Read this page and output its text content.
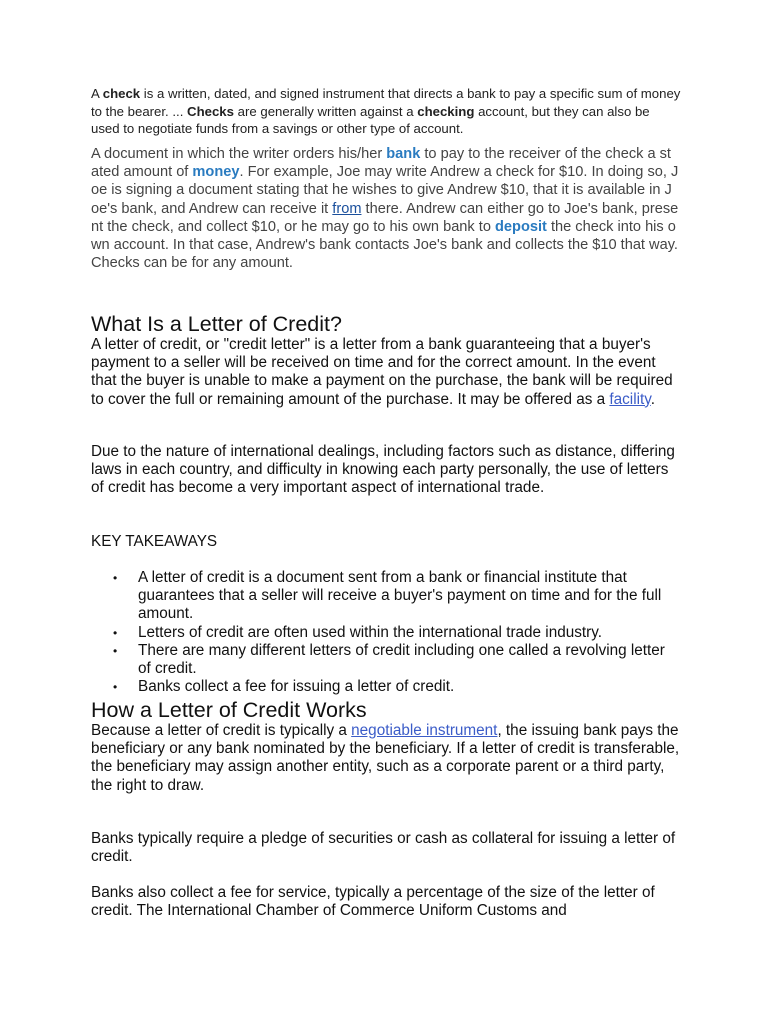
A check is a written, dated, and signed instrument that directs a bank to pay a specific sum of money to the bearer. ... Checks are generally written against a checking account, but they can also be used to negotiate funds from a savings or other type of account.

A document in which the writer orders his/her bank to pay to the receiver of the check a stated amount of money. For example, Joe may write Andrew a check for $10. In doing so, Joe is signing a document stating that he wishes to give Andrew $10, that it is available in Joe's bank, and Andrew can receive it from there. Andrew can either go to Joe's bank, present the check, and collect $10, or he may go to his own bank to deposit the check into his own account. In that case, Andrew's bank contacts Joe's bank and collects the $10 that way. Checks can be for any amount.

What Is a Letter of Credit?

A letter of credit, or "credit letter" is a letter from a bank guaranteeing that a buyer's payment to a seller will be received on time and for the correct amount. In the event that the buyer is unable to make a payment on the purchase, the bank will be required to cover the full or remaining amount of the purchase. It may be offered as a facility.

Due to the nature of international dealings, including factors such as distance, differing laws in each country, and difficulty in knowing each party personally, the use of letters of credit has become a very important aspect of international trade.

KEY TAKEAWAYS

• A letter of credit is a document sent from a bank or financial institute that guarantees that a seller will receive a buyer's payment on time and for the full amount.
• Letters of credit are often used within the international trade industry.
• There are many different letters of credit including one called a revolving letter of credit.
• Banks collect a fee for issuing a letter of credit.
How a Letter of Credit Works

Because a letter of credit is typically a negotiable instrument, the issuing bank pays the beneficiary or any bank nominated by the beneficiary. If a letter of credit is transferable, the beneficiary may assign another entity, such as a corporate parent or a third party, the right to draw.

Banks typically require a pledge of securities or cash as collateral for issuing a letter of credit.

Banks also collect a fee for service, typically a percentage of the size of the letter of credit. The International Chamber of Commerce Uniform Customs and
